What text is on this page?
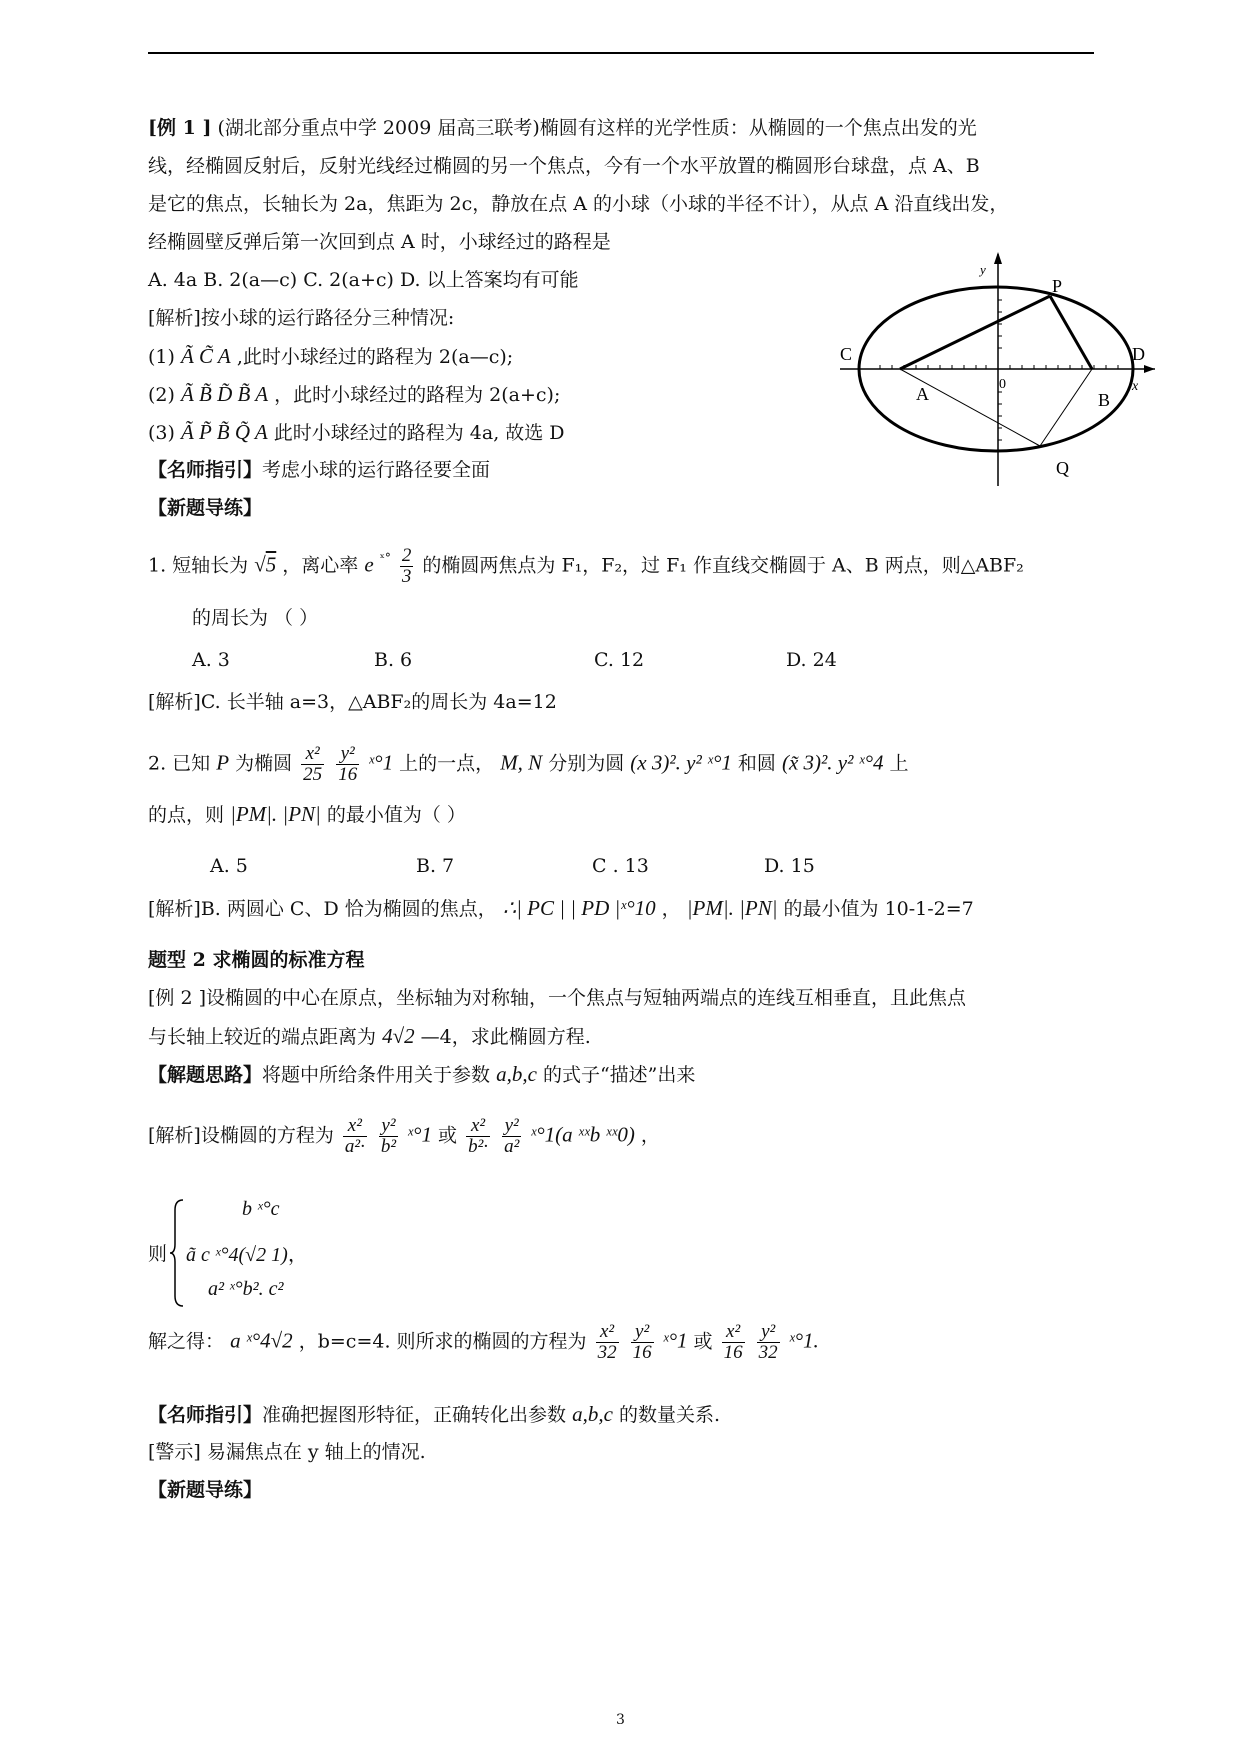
[例 1 ] (湖北部分重点中学 2009 届高三联考)椭圆有这样的光学性质：从椭圆的一个焦点出发的光
线，经椭圆反射后，反射光线经过椭圆的另一个焦点，今有一个水平放置的椭圆形台球盘，点 A、B
是它的焦点，长轴长为 2a，焦距为 2c，静放在点 A 的小球（小球的半径不计），从点 A 沿直线出发，
经椭圆壁反弹后第一次回到点 A 时，小球经过的路程是
A. 4a B. 2(a—c) C. 2(a+c) D. 以上答案均有可能
[解析]按小球的运行路径分三种情况:
(1) Ã C̃ A ,此时小球经过的路程为 2(a—c);
(2) Ã B̃ D̃ B̃ A ，此时小球经过的路程为 2(a+c);
(3) Ã P̃ B̃ Q̃ A 此时小球经过的路程为 4a, 故选 D
【名师指引】考虑小球的运行路径要全面
【新题导练】
1. 短轴长为 √5 ，离心率 e $^{ˣ^\circ} \frac{2}{3}$ 的椭圆两焦点为 F₁，F₂，过 F₁ 作直线交椭圆于 A、B 两点，则△ABF₂
的周长为 （ ）
A. 3	B. 6	C. 12	D. 24
[解析]C. 长半轴 a=3，△ABF₂的周长为 4a=12
2. 已知 P 为椭圆 $\frac{\text{x²}}{25}$
$\frac{\text{y²}}{16}$ ˣ°1 上的一点， M, N 分别为圆 (x 3)². y² ˣ°1 和圆 (x̃ 3)². y² ˣ°4 上
的点，则 |PM|. |PN| 的最小值为（ ）
A. 5	B. 7	C . 13	D. 15
[解析]B. 两圆心 C、D 恰为椭圆的焦点， ∴| PC | | PD |ˣ°10 ， |PM|. |PN| 的最小值为 10-1-2=7
题型 2 求椭圆的标准方程
[例 2 ]设椭圆的中心在原点，坐标轴为对称轴，一个焦点与短轴两端点的连线互相垂直，且此焦点
与长轴上较近的端点距离为 4√2 —4，求此椭圆方程.
【解题思路】将题中所给条件用关于参数 a,b,c 的式子“描述”出来
[解析]设椭圆的方程为 $\frac{\text{x²}}{\text{a²·}}$
$\frac{\text{y²}}{\text{b²}}$ ˣ°1 或 $\frac{\text{x²}}{\text{b²·}}$
$\frac{\text{y²}}{\text{a²}}$ ˣ°1(a ˣˣb ˣˣ0) ，
则
b ˣ°c
ã c ˣ°4(√2 1)，
a² ˣ°b². c²
解之得： a ˣ°4√2 ，b=c=4. 则所求的椭圆的方程为 $\frac{\text{x²}}{32}$
$\frac{\text{y²}}{16}$ ˣ°1 或 $\frac{\text{x²}}{16}$
$\frac{\text{y²}}{32}$ ˣ°1.
【名师指引】准确把握图形特征，正确转化出参数 a,b,c 的数量关系.
[警示] 易漏焦点在 y 轴上的情况.
【新题导练】
y
x
P
C	D
A	B
0
Q
3
